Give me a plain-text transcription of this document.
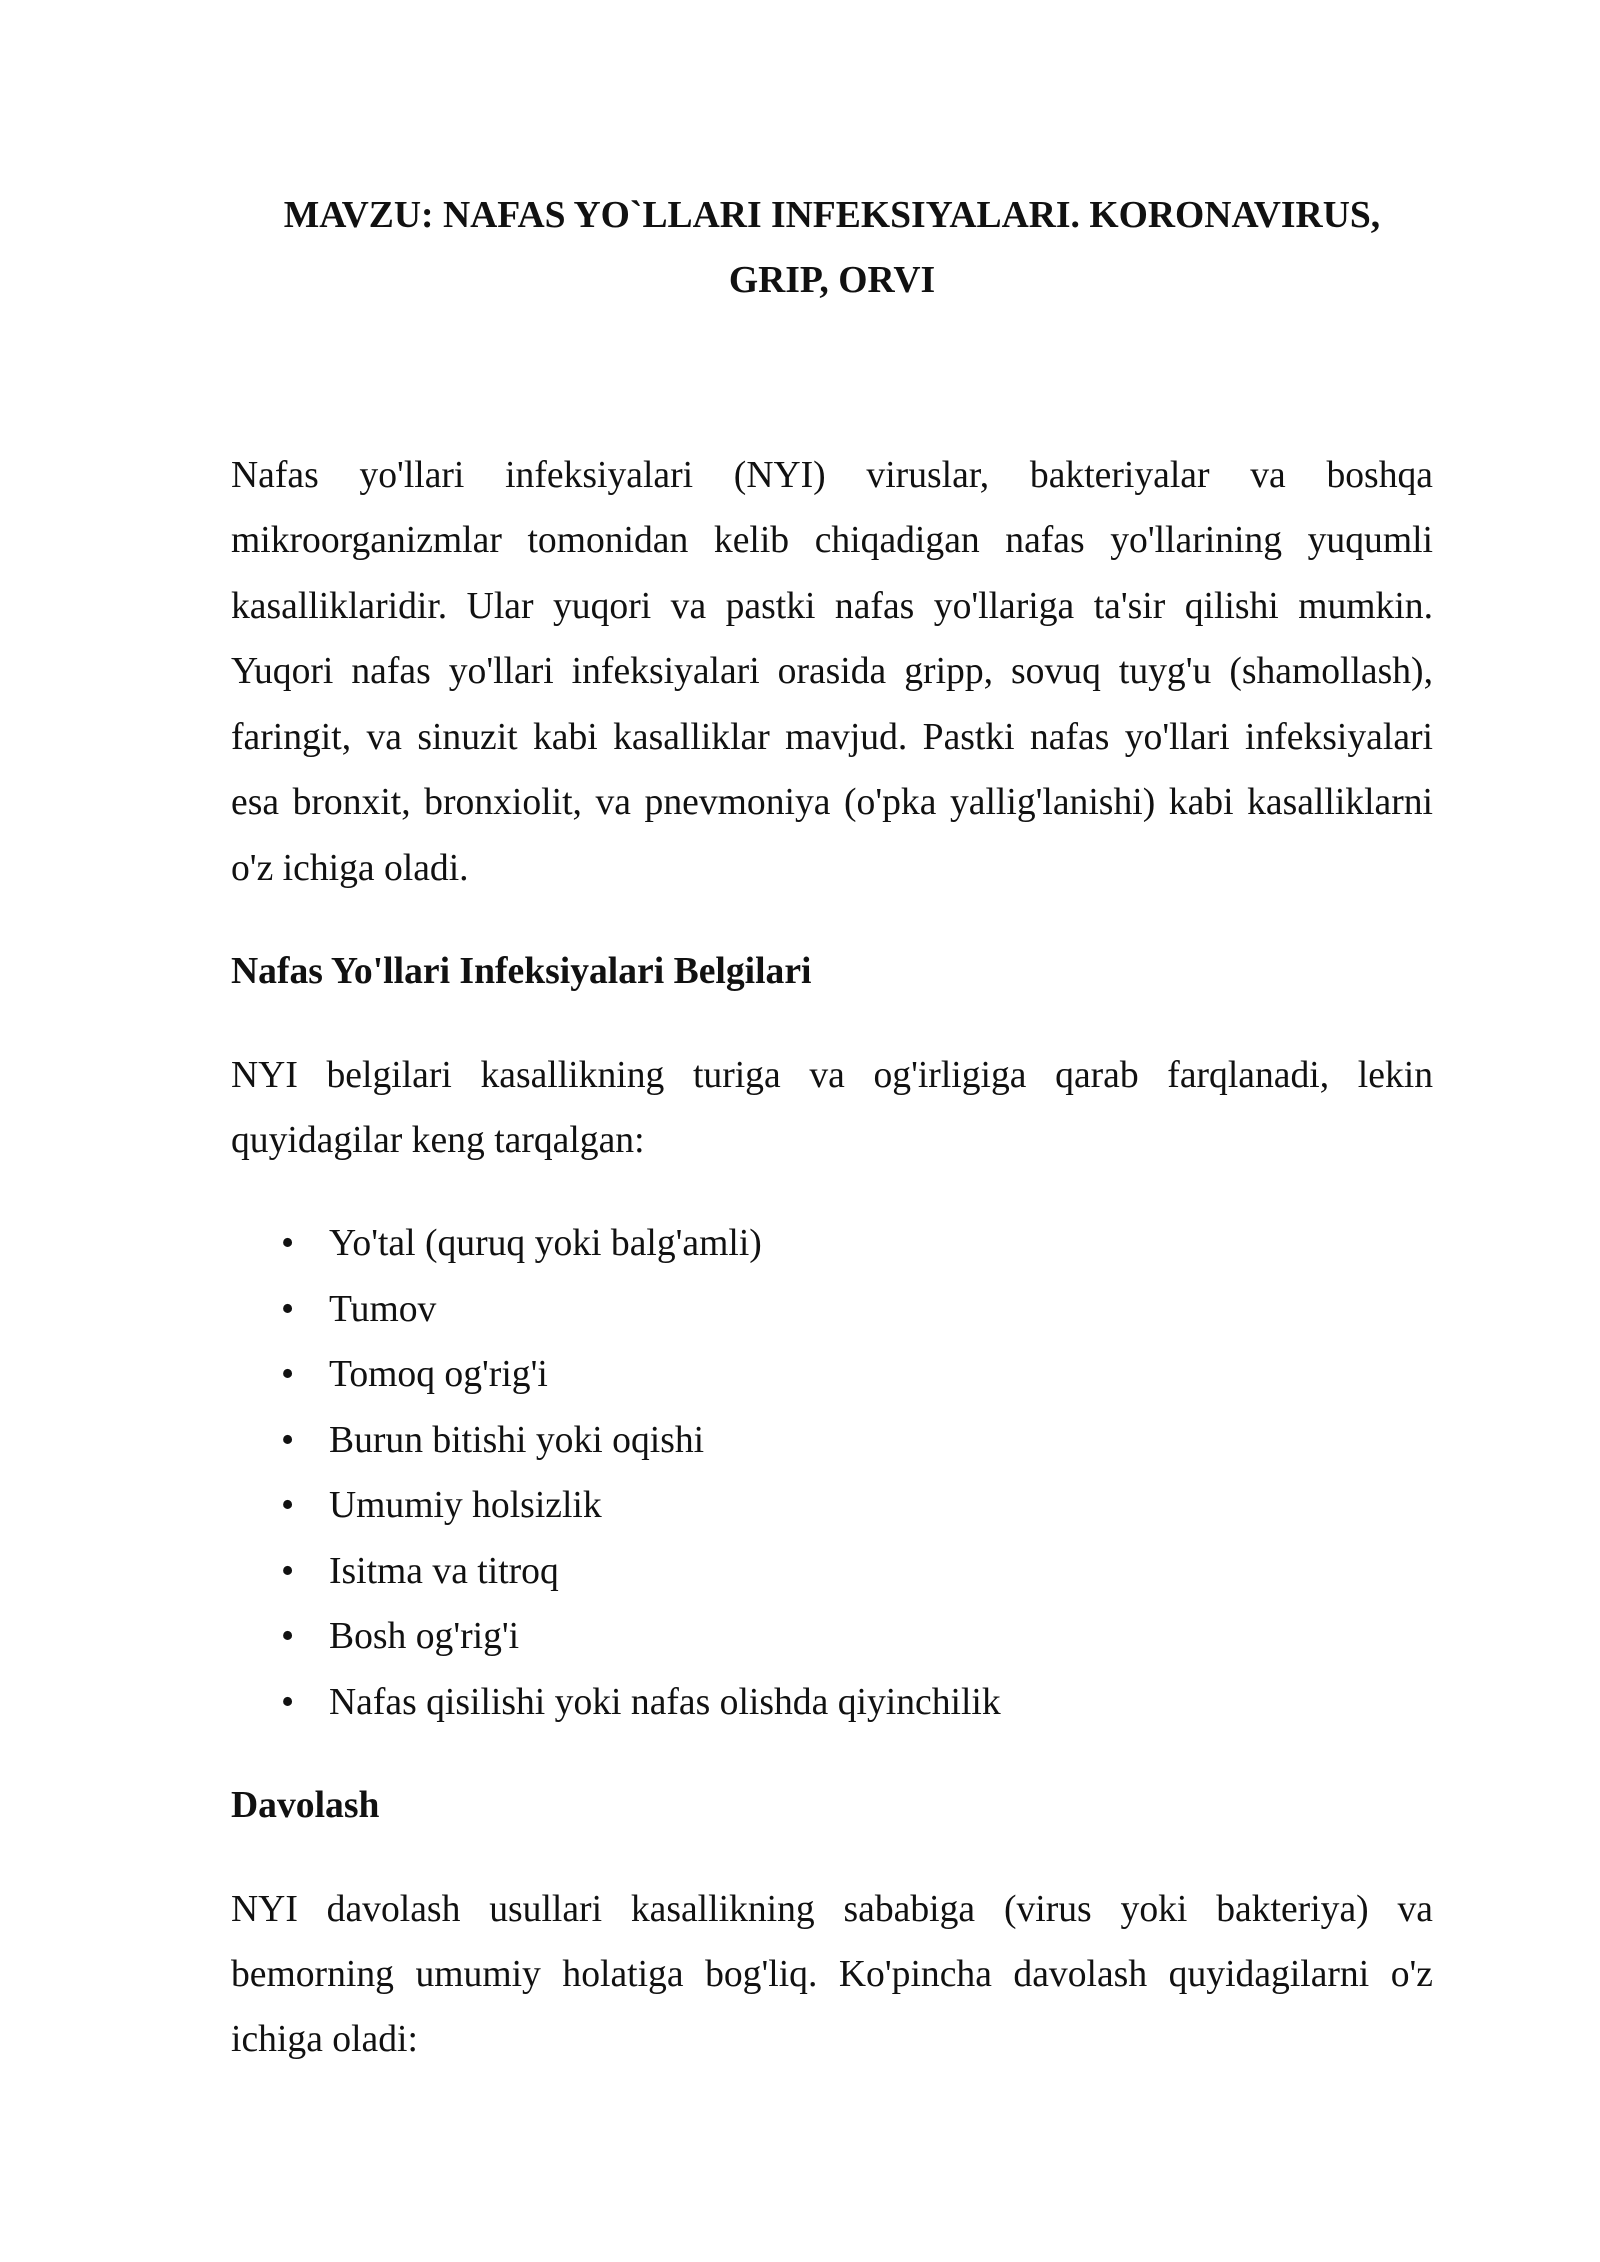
MAVZU: NAFAS YO`LLARI INFEKSIYALARI. KORONAVIRUS, GRIP, ORVI

Nafas yo'llari infeksiyalari (NYI) viruslar, bakteriyalar va boshqa mikroorganizmlar tomonidan kelib chiqadigan nafas yo'llarining yuqumli kasalliklaridir. Ular yuqori va pastki nafas yo'llariga ta'sir qilishi mumkin. Yuqori nafas yo'llari infeksiyalari orasida gripp, sovuq tuyg'u (shamollash), faringit, va sinuzit kabi kasalliklar mavjud. Pastki nafas yo'llari infeksiyalari esa bronxit, bronxiolit, va pnevmoniya (o'pka yallig'lanishi) kabi kasalliklarni o'z ichiga oladi.

Nafas Yo'llari Infeksiyalari Belgilari

NYI belgilari kasallikning turiga va og'irligiga qarab farqlanadi, lekin quyidagilar keng tarqalgan:

•
Yo'tal (quruq yoki balg'amli)
•
Tumov
•
Tomoq og'rig'i
•
Burun bitishi yoki oqishi
•
Umumiy holsizlik
•
Isitma va titroq
•
Bosh og'rig'i
•
Nafas qisilishi yoki nafas olishda qiyinchilik
Davolash

NYI davolash usullari kasallikning sababiga (virus yoki bakteriya) va bemorning umumiy holatiga bog'liq. Ko'pincha davolash quyidagilarni o'z ichiga oladi:
